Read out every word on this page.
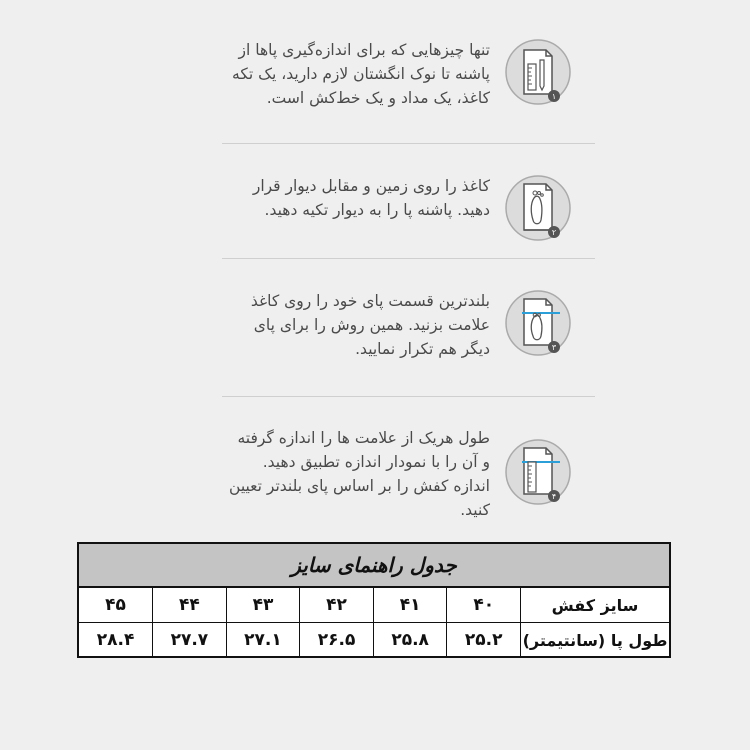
تنها چیزهایی که برای اندازه‌گیری پاها از پاشنه تا نوک انگشتان لازم دارید، یک تکه کاغذ، یک مداد و یک خط‌کش است.	۱
کاغذ را روی زمین و مقابل دیوار قرار دهید. پاشنه پا را به دیوار تکیه دهید.
۲
بلندترین قسمت پای خود را روی کاغذ علامت بزنید. همین روش را برای پای دیگر هم تکرار نمایید.	۳
طول هریک از علامت ها را اندازه گرفته و آن را با نمودار اندازه تطبیق دهید. اندازه کفش را بر اساس پای بلندتر تعیین کنید.
۴
جدول راهنمای سایز
سایز کفش	۴۰	۴۱	۴۲	۴۳	۴۴	۴۵
طول پا (سانتیمتر)	۲۵.۲	۲۵.۸	۲۶.۵	۲۷.۱	۲۷.۷	۲۸.۴
